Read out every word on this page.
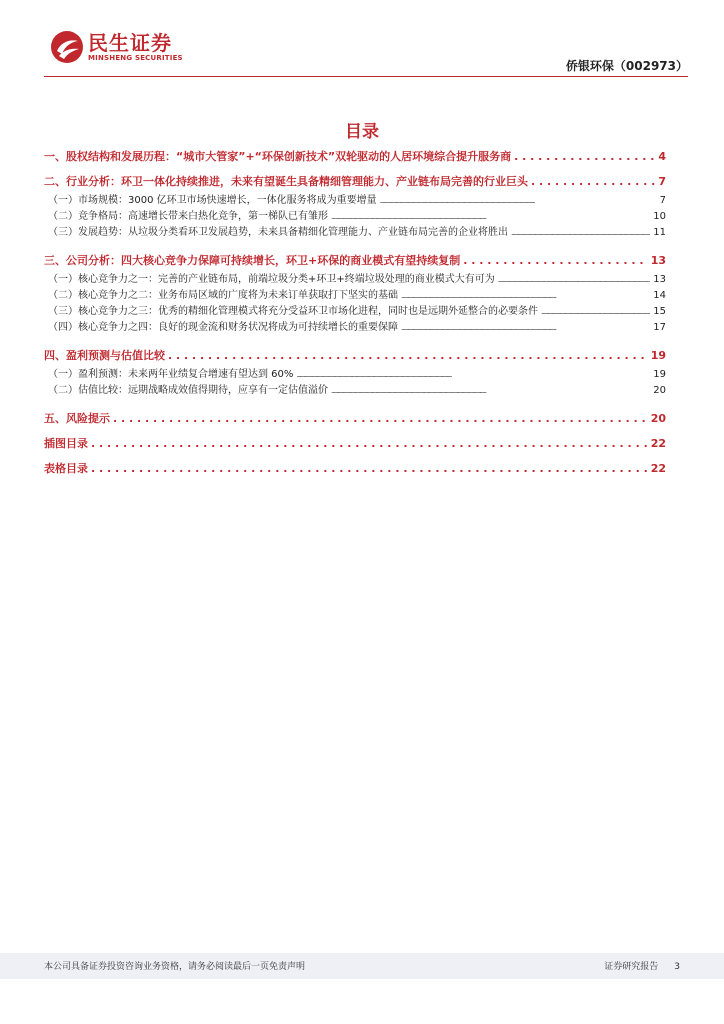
民生证券
MINSHENG SECURITIES
侨银环保（002973）
目录
一、股权结构和发展历程：“城市大管家”+“环保创新技术”双轮驱动的人居环境综合提升服务商 . . .	4
二、行业分析：环卫一体化持续推进，未来有望诞生具备精细管理能力、产业链布局完善的行业巨头 . . .	7
（一）市场规模：3000 亿环卫市场快速增长，一体化服务将成为重要增量 . . .	7
（二）竞争格局：高速增长带来白热化竞争，第一梯队已有雏形 . . .	10
（三）发展趋势：从垃圾分类看环卫发展趋势，未来具备精细化管理能力、产业链布局完善的企业将胜出 . . .	11
三、公司分析：四大核心竞争力保障可持续增长，环卫+环保的商业模式有望持续复制 . . .	13
（一）核心竞争力之一：完善的产业链布局，前端垃圾分类+环卫+终端垃圾处理的商业模式大有可为 . . .	13
（二）核心竞争力之二：业务布局区域的广度将为未来订单获取打下坚实的基础 . . .	14
（三）核心竞争力之三：优秀的精细化管理模式将充分受益环卫市场化进程，同时也是远期外延整合的必要条件 . . .	15
（四）核心竞争力之四：良好的现金流和财务状况将成为可持续增长的重要保障 . . .	17
四、盈利预测与估值比较 . . .	19
（一）盈利预测：未来两年业绩复合增速有望达到 60% . . .	19
（二）估值比较：远期战略成效值得期待，应享有一定估值溢价 . . .	20
五、风险提示 . . .	20
插图目录 . . .	22
表格目录 . . .	22
本公司具备证券投资咨询业务资格，请务必阅读最后一页免责声明	证券研究报告 3
